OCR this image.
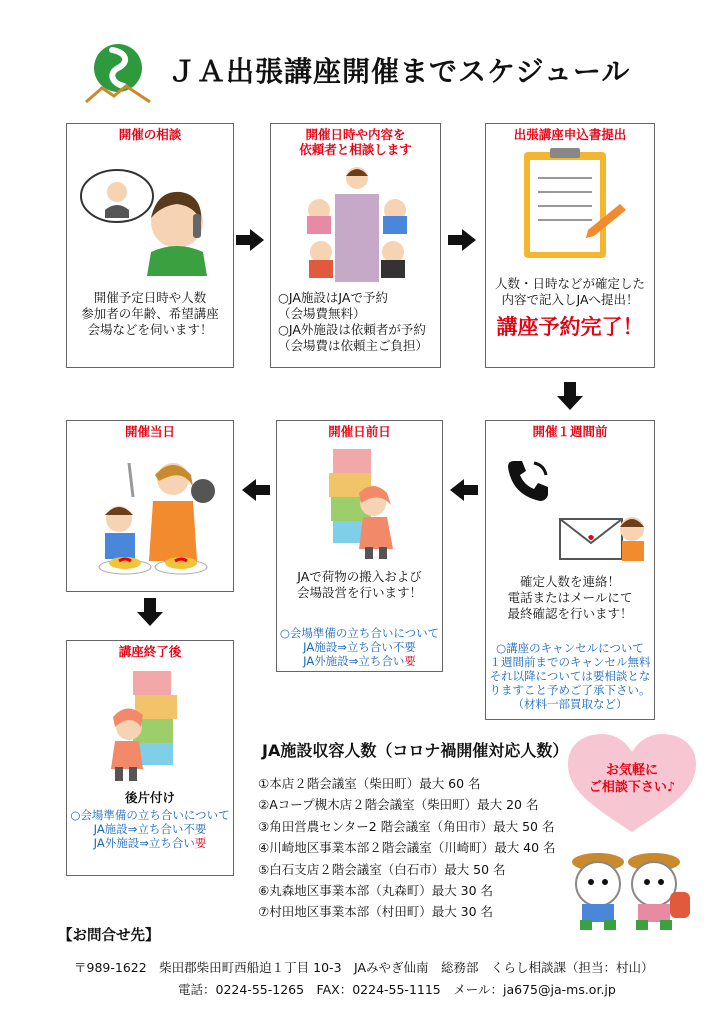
ＪＡ出張講座開催までスケジュール
開催の相談
開催予定日時や人数
参加者の年齢、希望講座
会場などを伺います！
開催日時や内容を
依頼者と相談します
○JA施設はJAで予約
（会場費無料）
○JA外施設は依頼者が予約
（会場費は依頼主ご負担）
出張講座申込書提出
人数・日時などが確定した
内容で記入しJAへ提出！
講座予約完了！
開催１週間前
確定人数を連絡！
電話またはメールにて
最終確認を行います！
○講座のキャンセルについて
１週間前までのキャンセル無料
それ以降については要相談とな
りますこと予めご了承下さい。
（材料一部買取など）
開催日前日
JAで荷物の搬入および
会場設営を行います！
○会場準備の立ち合いについて
JA施設⇒立ち合い不要
JA外施設⇒立ち合い要
開催当日
講座終了後
後片付け
○会場準備の立ち合いについて
JA施設⇒立ち合い不要
JA外施設⇒立ち合い要
JA施設収容人数（コロナ禍開催対応人数）
①本店２階会議室（柴田町）最大 60 名
②Aコープ槻木店２階会議室（柴田町）最大 20 名
③角田営農センター2 階会議室（角田市）最大 50 名
④川崎地区事業本部２階会議室（川崎町）最大 40 名
⑤白石支店２階会議室（白石市）最大 50 名
⑥丸森地区事業本部（丸森町）最大 30 名
⑦村田地区事業本部（村田町）最大 30 名
お気軽に
ご相談下さい♪
【お問合せ先】
〒989-1622　柴田郡柴田町西船迫１丁目 10-3　JAみやぎ仙南　総務部　くらし相談課（担当：村山）
電話：0224-55-1265　FAX：0224-55-1115　メール：ja675@ja-ms.or.jp
